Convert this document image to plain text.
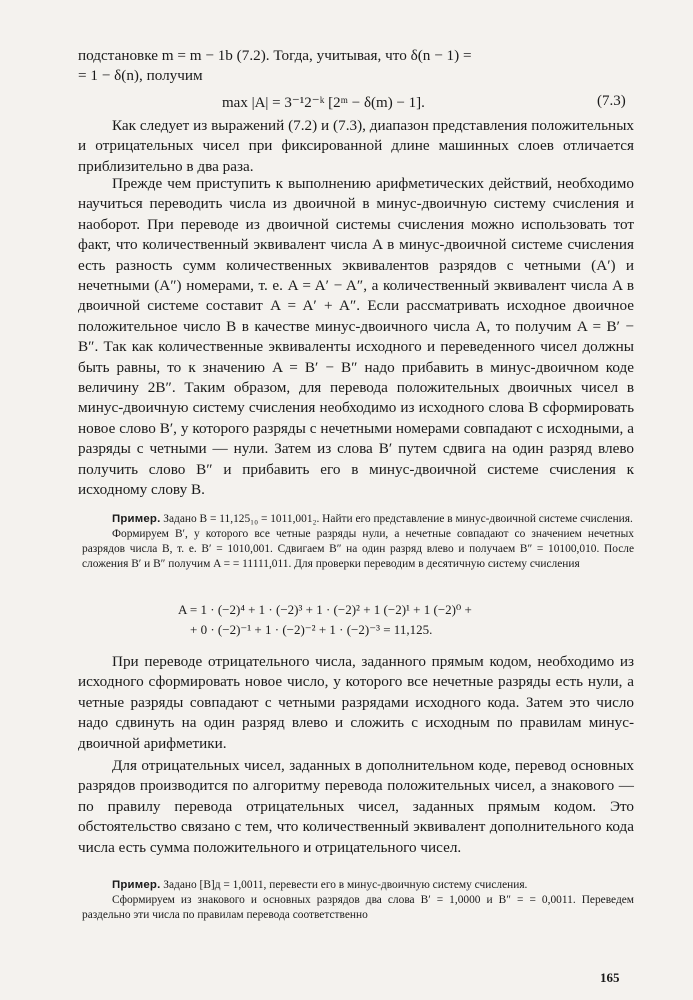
подстановке m = m − 1b (7.2). Тогда, учитывая, что δ(n − 1) =

= 1 − δ(n), получим

max |A| = 3⁻¹2⁻ᵏ [2ᵐ − δ(m) − 1].	(7.3)

Как следует из выражений (7.2) и (7.3), диапазон представления положительных и отрицательных чисел при фиксированной длине машинных слоев отличается приблизительно в два раза.

Прежде чем приступить к выполнению арифметических действий, необходимо научиться переводить числа из двоичной в минус-двоичную систему счисления и наоборот. При переводе из двоичной системы счисления можно использовать тот факт, что количественный эквивалент числа A в минус-двоичной системе счисления есть разность сумм количественных эквивалентов разрядов с четными (A′) и нечетными (A″) номерами, т. е. A = A′ − A″, а количественный эквивалент числа A в двоичной системе составит A = A′ + A″. Если рассматривать исходное двоичное положительное число B в качестве минус-двоичного числа A, то получим A = B′ − B″. Так как количественные эквиваленты исходного и переведенного чисел должны быть равны, то к значению A = B′ − B″ надо прибавить в минус-двоичном коде величину 2B″. Таким образом, для перевода положительных двоичных чисел в минус-двоичную систему счисления необходимо из исходного слова B сформировать новое слово B′, у которого разряды с нечетными номерами совпадают с исходными, а разряды с четными — нули. Затем из слова B′ путем сдвига на один разряд влево получить слово B″ и прибавить его в минус-двоичной системе счисления к исходному слову B.

Пример. Задано B = 11,125₁₀ = 1011,001₂. Найти его представление в минус-двоичной системе счисления.

Формируем B′, у которого все четные разряды нули, а нечетные совпадают со значением нечетных разрядов числа B, т. е. B′ = 1010,001. Сдвигаем B″ на один разряд влево и получаем B″ = 10100,010. После сложения B′ и B″ получим A = = 11111,011. Для проверки переводим в десятичную систему счисления

A = 1 · (−2)⁴ + 1 · (−2)³ + 1 · (−2)² + 1 (−2)¹ + 1 (−2)⁰ +
+ 0 · (−2)⁻¹ + 1 · (−2)⁻² + 1 · (−2)⁻³ = 11,125.

При переводе отрицательного числа, заданного прямым кодом, необходимо из исходного сформировать новое число, у которого все нечетные разряды есть нули, а четные разряды совпадают с четными разрядами исходного кода. Затем это число надо сдвинуть на один разряд влево и сложить с исходным по правилам минус-двоичной арифметики.

Для отрицательных чисел, заданных в дополнительном коде, перевод основных разрядов производится по алгоритму перевода положительных чисел, а знакового — по правилу перевода отрицательных чисел, заданных прямым кодом. Это обстоятельство связано с тем, что количественный эквивалент дополнительного кода числа есть сумма положительного и отрицательного чисел.

Пример. Задано [B]д = 1,0011, перевести его в минус-двоичную систему счисления.

Сформируем из знакового и основных разрядов два слова B′ = 1,0000 и B″ = = 0,0011. Переведем раздельно эти числа по правилам перевода соответственно

165
